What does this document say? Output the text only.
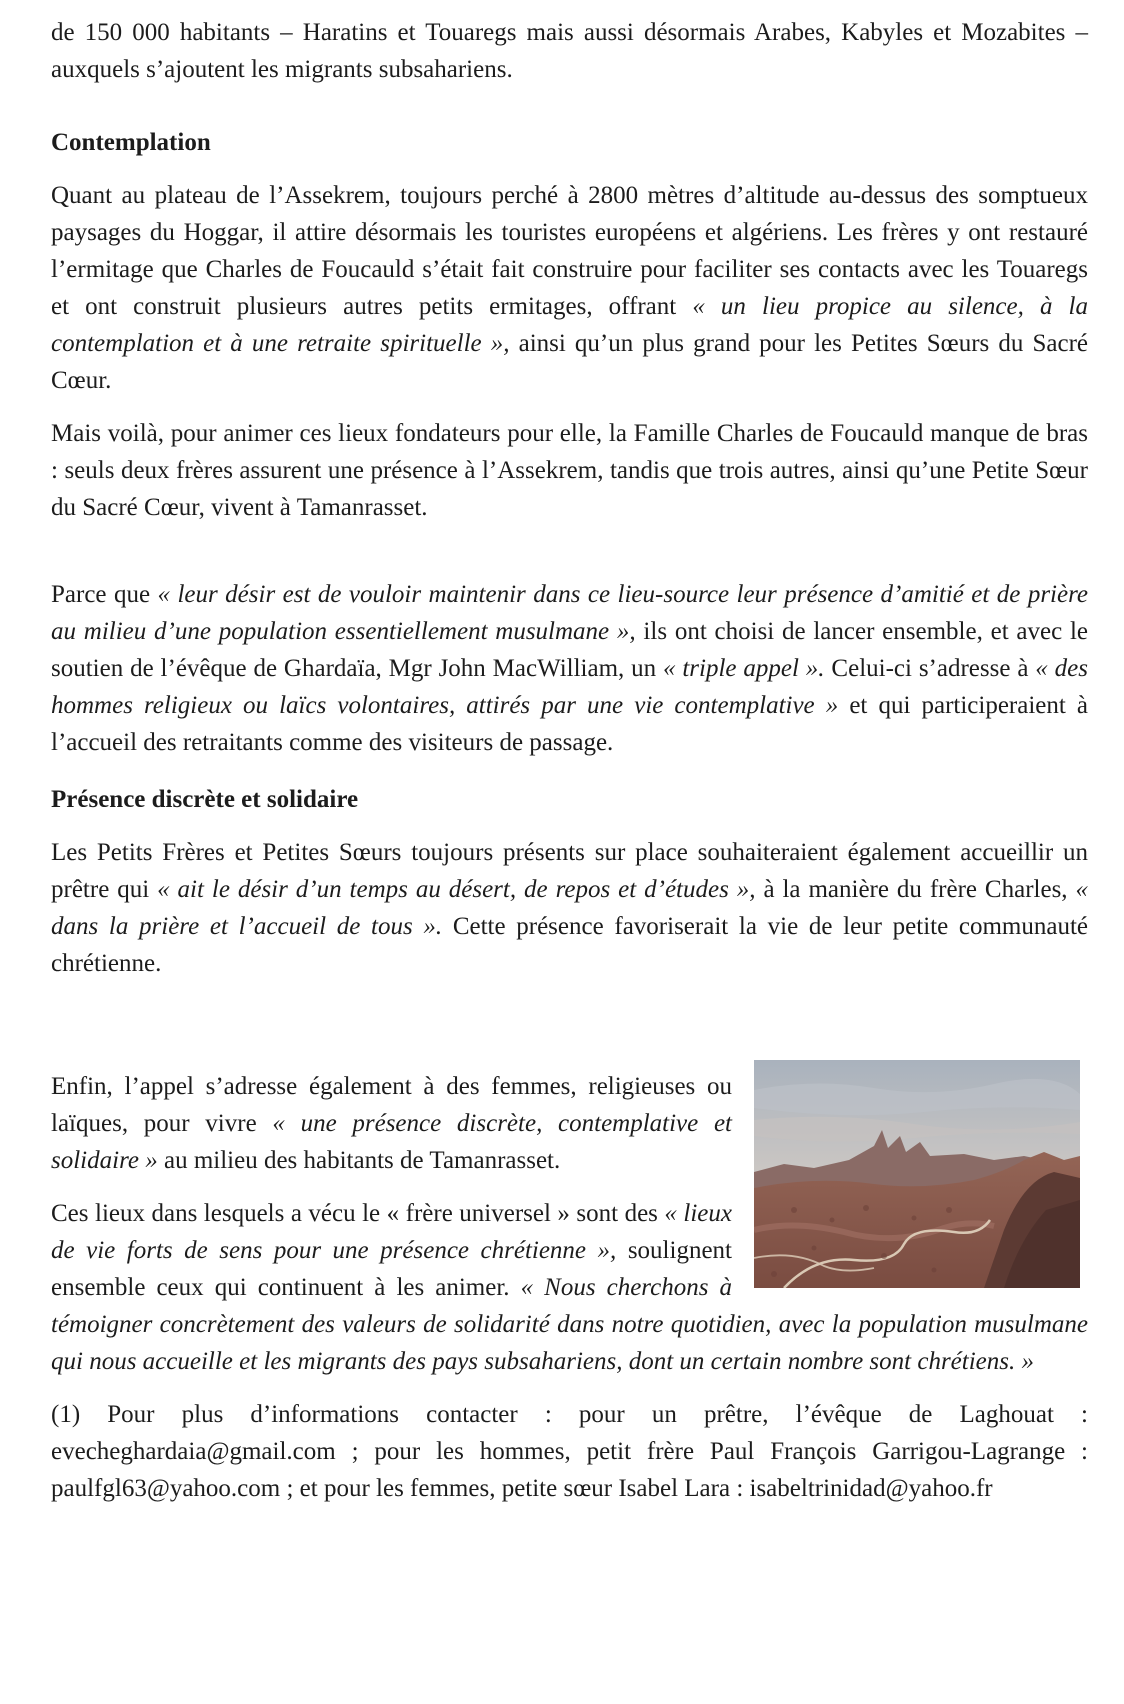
de 150 000 habitants – Haratins et Touaregs mais aussi désormais Arabes, Kabyles et Mozabites – auxquels s’ajoutent les migrants subsahariens.

Contemplation

Quant au plateau de l’Assekrem, toujours perché à 2800 mètres d’altitude au-dessus des somptueux paysages du Hoggar, il attire désormais les touristes européens et algériens. Les frères y ont restauré l’ermitage que Charles de Foucauld s’était fait construire pour faciliter ses contacts avec les Touaregs et ont construit plusieurs autres petits ermitages, offrant « un lieu propice au silence, à la contemplation et à une retraite spirituelle », ainsi qu’un plus grand pour les Petites Sœurs du Sacré Cœur.

Mais voilà, pour animer ces lieux fondateurs pour elle, la Famille Charles de Foucauld manque de bras : seuls deux frères assurent une présence à l’Assekrem, tandis que trois autres, ainsi qu’une Petite Sœur du Sacré Cœur, vivent à Tamanrasset.

Parce que « leur désir est de vouloir maintenir dans ce lieu-source leur présence d’amitié et de prière au milieu d’une population essentiellement musulmane », ils ont choisi de lancer ensemble, et avec le soutien de l’évêque de Ghardaïa, Mgr John MacWilliam, un « triple appel ». Celui-ci s’adresse à « des hommes religieux ou laïcs volontaires, attirés par une vie contemplative » et qui participeraient à l’accueil des retraitants comme des visiteurs de passage.

Présence discrète et solidaire

Les Petits Frères et Petites Sœurs toujours présents sur place souhaiteraient également accueillir un prêtre qui « ait le désir d’un temps au désert, de repos et d’études », à la manière du frère Charles, « dans la prière et l’accueil de tous ». Cette présence favoriserait la vie de leur petite communauté chrétienne.

Enfin, l’appel s’adresse également à des femmes, religieuses ou laïques, pour vivre « une présence discrète, contemplative et solidaire » au milieu des habitants de Tamanrasset.

Ces lieux dans lesquels a vécu le « frère universel » sont des « lieux de vie forts de sens pour une présence chrétienne », soulignent ensemble ceux qui continuent à les animer. « Nous cherchons à témoigner concrètement des valeurs de solidarité dans notre quotidien, avec la population musulmane qui nous accueille et les migrants des pays subsahariens, dont un certain nombre sont chrétiens. »

(1) Pour plus d’informations contacter : pour un prêtre, l’évêque de Laghouat : evecheghardaia@gmail.com ; pour les hommes, petit frère Paul François Garrigou-Lagrange : paulfgl63@yahoo.com ; et pour les femmes, petite sœur Isabel Lara : isabeltrinidad@yahoo.fr
